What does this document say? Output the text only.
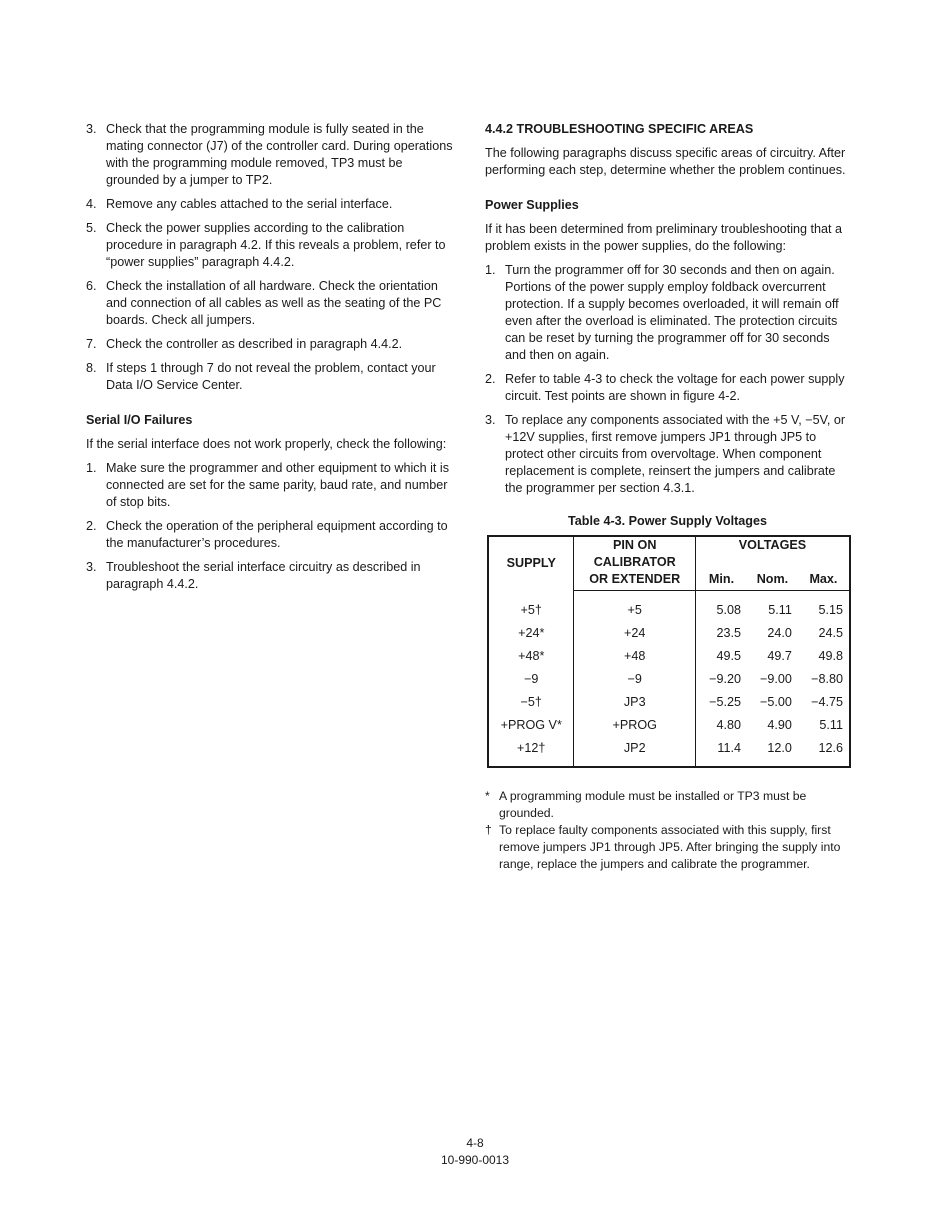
3. Check that the programming module is fully seated in the mating connector (J7) of the controller card. During operations with the programming module removed, TP3 must be grounded by a jumper to TP2.
4. Remove any cables attached to the serial interface.
5. Check the power supplies according to the calibration procedure in paragraph 4.2. If this reveals a problem, refer to “power supplies” paragraph 4.4.2.
6. Check the installation of all hardware. Check the orientation and connection of all cables as well as the seating of the PC boards. Check all jumpers.
7. Check the controller as described in paragraph 4.4.2.
8. If steps 1 through 7 do not reveal the problem, contact your Data I/O Service Center.
Serial I/O Failures

If the serial interface does not work properly, check the following:

1. Make sure the programmer and other equipment to which it is connected are set for the same parity, baud rate, and number of stop bits.
2. Check the operation of the peripheral equipment according to the manufacturer’s procedures.
3. Troubleshoot the serial interface circuitry as described in paragraph 4.4.2.
4.4.2 TROUBLESHOOTING SPECIFIC AREAS

The following paragraphs discuss specific areas of circuitry. After performing each step, determine whether the problem continues.

Power Supplies

If it has been determined from preliminary troubleshooting that a problem exists in the power supplies, do the following:

1. Turn the programmer off for 30 seconds and then on again. Portions of the power supply employ foldback overcurrent protection. If a supply becomes overloaded, it will remain off even after the overload is eliminated. The protection circuits can be reset by turning the programmer off for 30 seconds and then on again.
2. Refer to table 4-3 to check the voltage for each power supply circuit. Test points are shown in figure 4-2.
3. To replace any components associated with the +5 V, −5V, or +12V supplies, first remove jumpers JP1 through JP5 to protect other circuits from overvoltage. When component replacement is complete, reinsert the jumpers and calibrate the programmer per section 4.3.1.
Table 4-3. Power Supply Voltages
SUPPLY	PIN ON	VOLTAGES		
	CALIBRATOR			
	OR EXTENDER	Min.	Nom.	Max.
+5†	+5	5.08	5.11	5.15
+24*	+24	23.5	24.0	24.5
+48*	+48	49.5	49.7	49.8
−9	−9	−9.20	−9.00	−8.80
−5†	JP3	−5.25	−5.00	−4.75
+PROG V*	+PROG	4.80	4.90	5.11
+12†	JP2	11.4	12.0	12.6
* A programming module must be installed or TP3 must be grounded.
† To replace faulty components associated with this supply, first remove jumpers JP1 through JP5. After bringing the supply into range, replace the jumpers and calibrate the programmer.
4-8
10-990-0013
